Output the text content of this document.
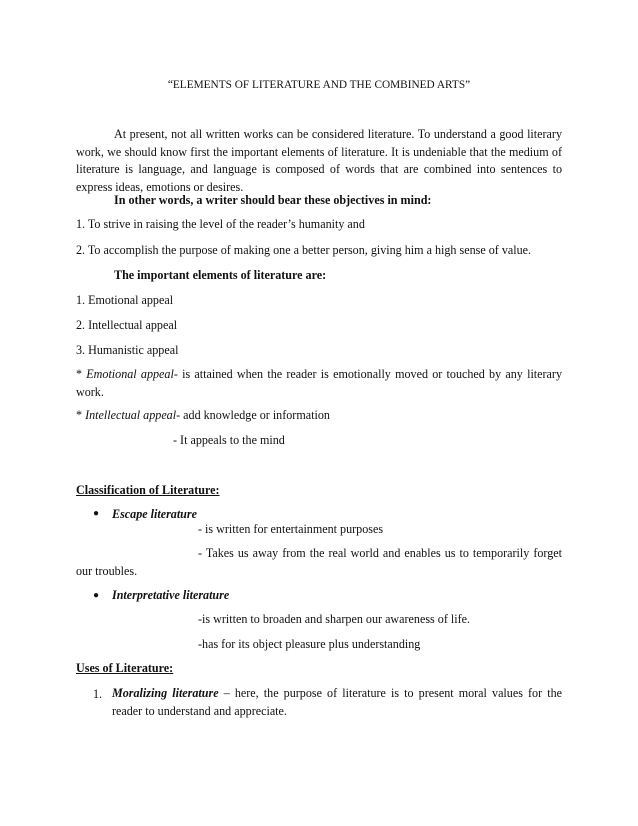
“ELEMENTS OF LITERATURE AND THE COMBINED ARTS”
At present, not all written works can be considered literature. To understand a good literary work, we should know first the important elements of literature. It is undeniable that the medium of literature is language, and language is composed of words that are combined into sentences to express ideas, emotions or desires.
In other words, a writer should bear these objectives in mind:
1. To strive in raising the level of the reader’s humanity and
2. To accomplish the purpose of making one a better person, giving him a high sense of value.
The important elements of literature are:
1. Emotional appeal
2. Intellectual appeal
3. Humanistic appeal
* Emotional appeal- is attained when the reader is emotionally moved or touched by any literary work.
* Intellectual appeal- add knowledge or information
- It appeals to the mind
Classification of Literature:
● Escape literature
- is written for entertainment purposes
- Takes us away from the real world and enables us to temporarily forget our troubles.
● Interpretative literature
-is written to broaden and sharpen our awareness of life.
-has for its object pleasure plus understanding
Uses of Literature:
1. Moralizing literature – here, the purpose of literature is to present moral values for the reader to understand and appreciate.
